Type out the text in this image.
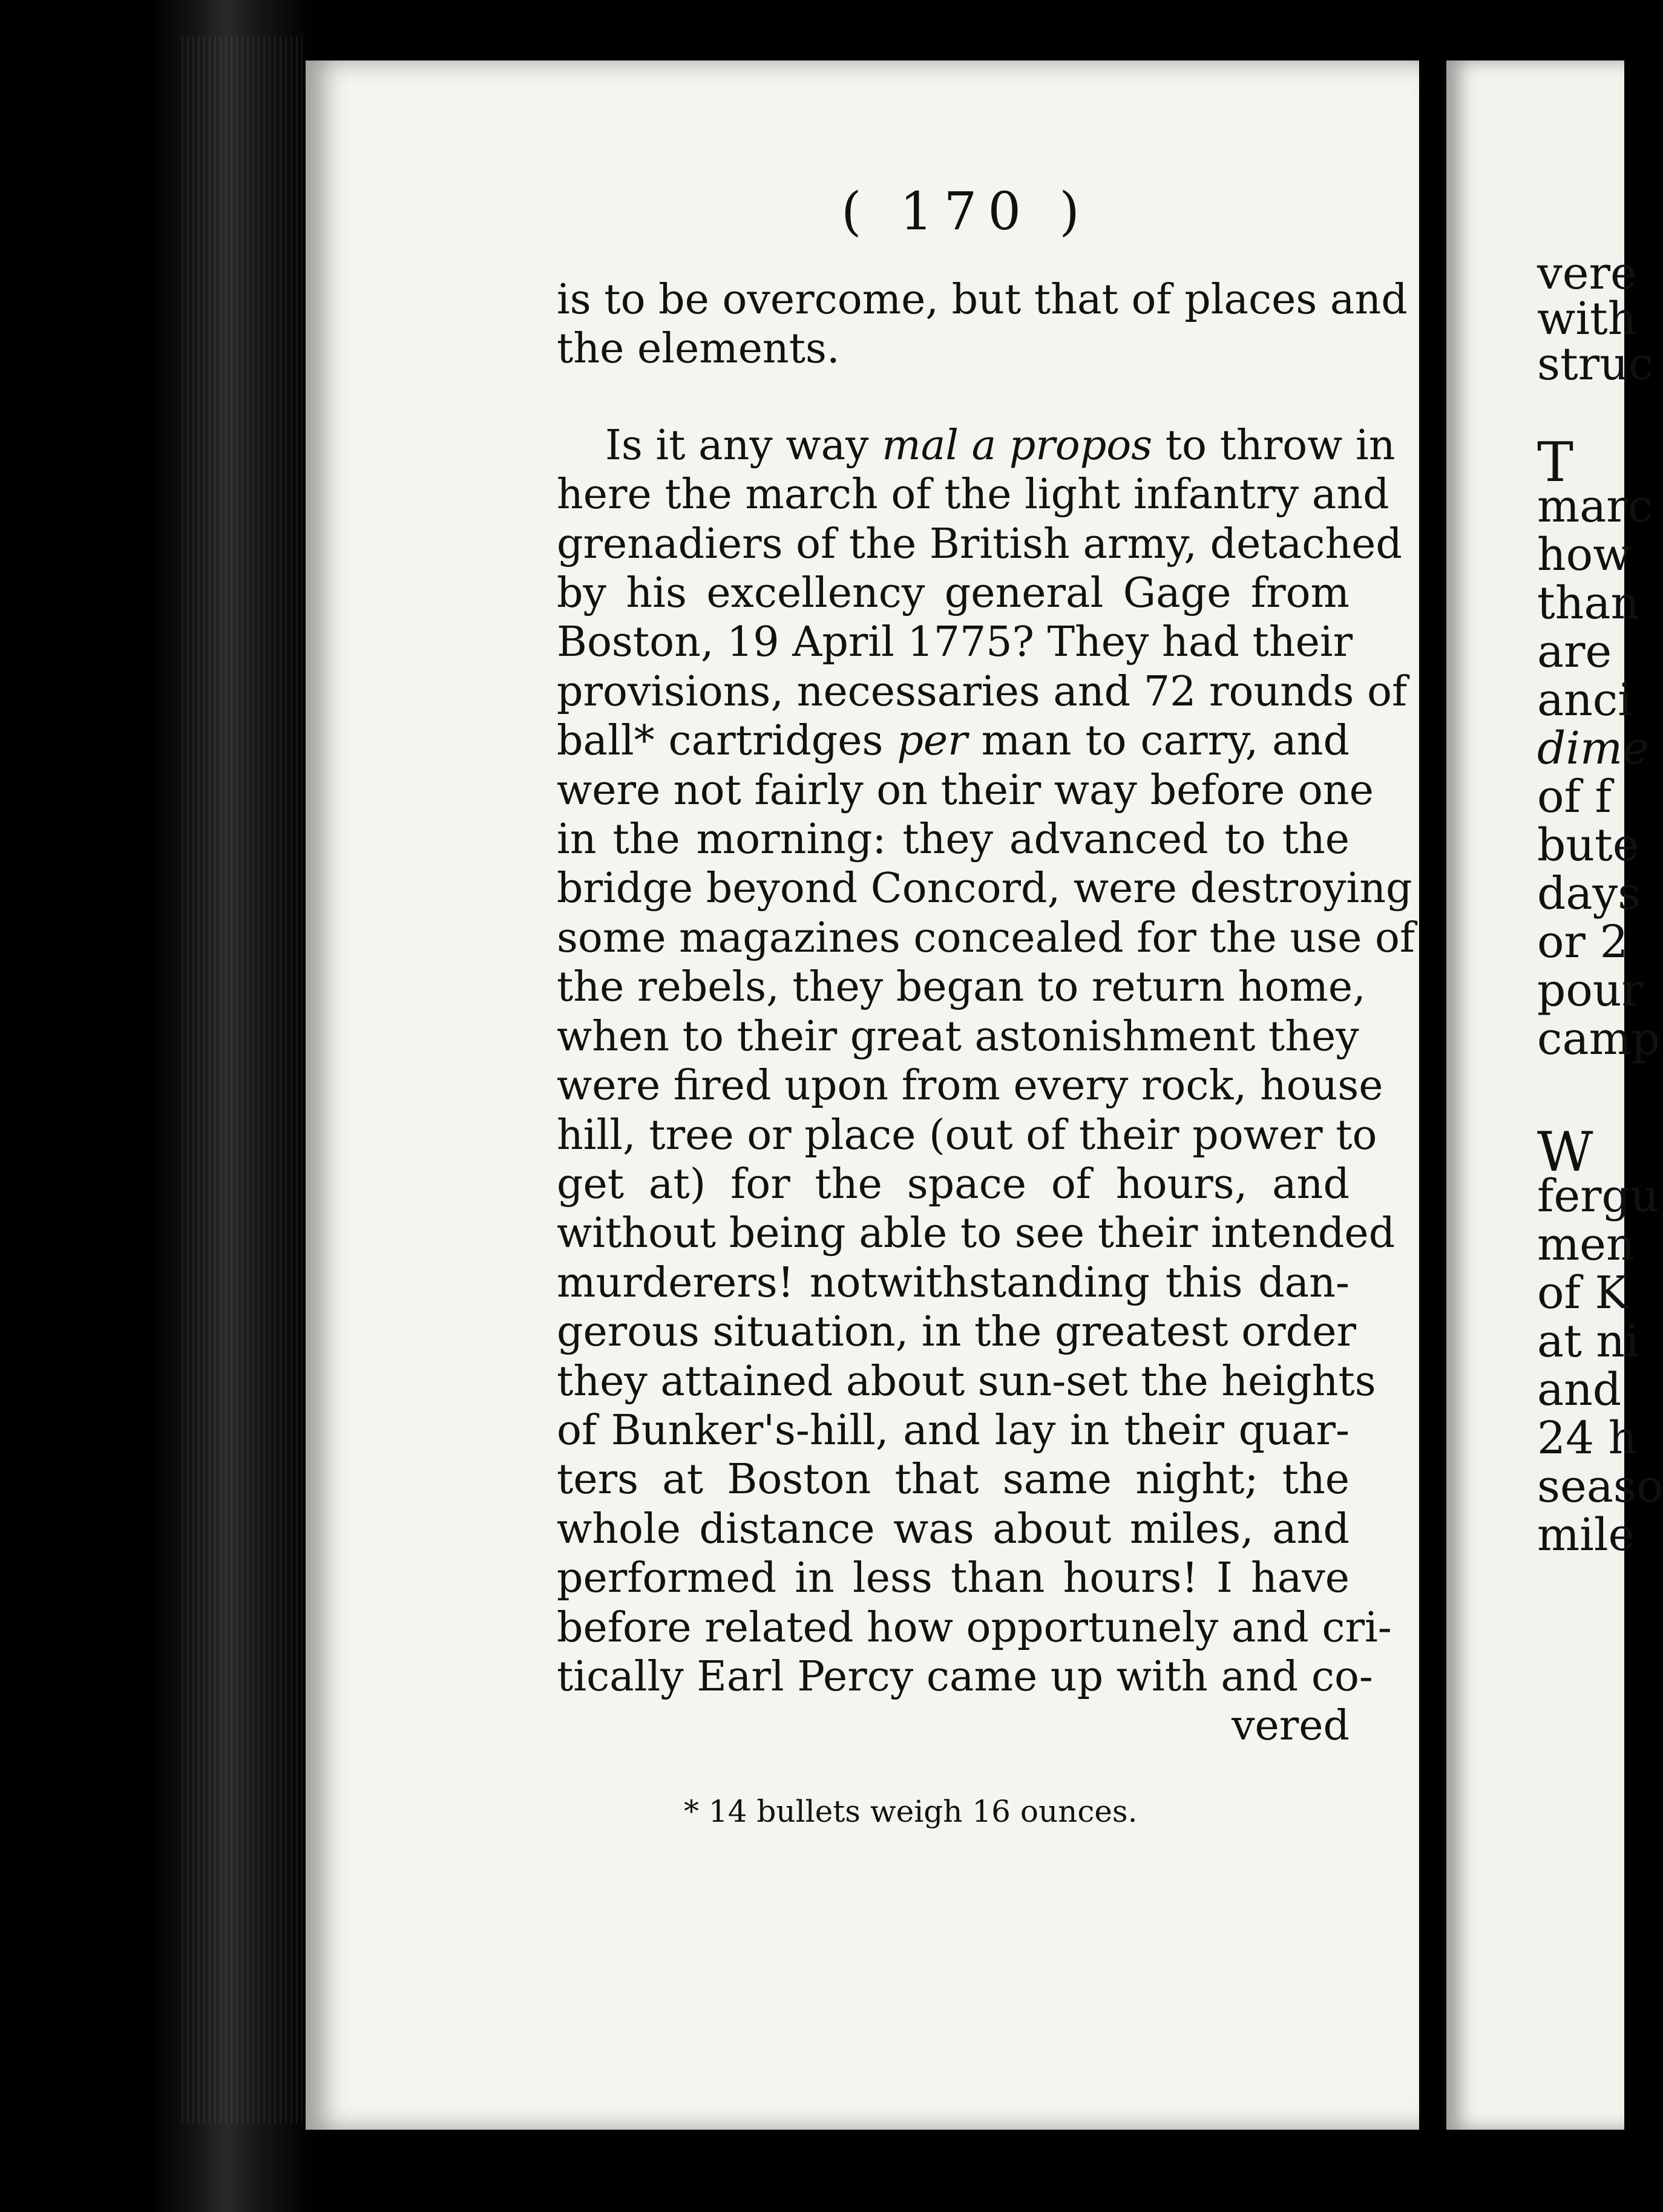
( 170 )
is to be overcome, but that of places and
the elements.
Is it any way mal a propos to throw in
here the march of the light infantry and
grenadiers of the British army, detached
by his excellency general Gage from
Boston, 19 April 1775? They had their
provisions, necessaries and 72 rounds of
ball* cartridges per man to carry, and
were not fairly on their way before one
in the morning: they advanced to the
bridge beyond Concord, were destroying
some magazines concealed for the use of
the rebels, they began to return home,
when to their great astonishment they
were fired upon from every rock, house
hill, tree or place (out of their power to
get at) for the space of hours, and
without being able to see their intended
murderers! notwithstanding this dan-
gerous situation, in the greatest order
they attained about sun-set the heights
of Bunker's-hill, and lay in their quar-
ters at Boston that same night; the
whole distance was about miles, and
performed in less than hours! I have
before related how opportunely and cri-
tically Earl Percy came up with and co-
vered
* 14 bullets weigh 16 ounces.
vere
with
struc
T
marc
how
than
are
anci
dime
of f
bute
days
or 2
pour
camp
W
fergu
men
of K
at ni
and
24 h
seaso
mile
